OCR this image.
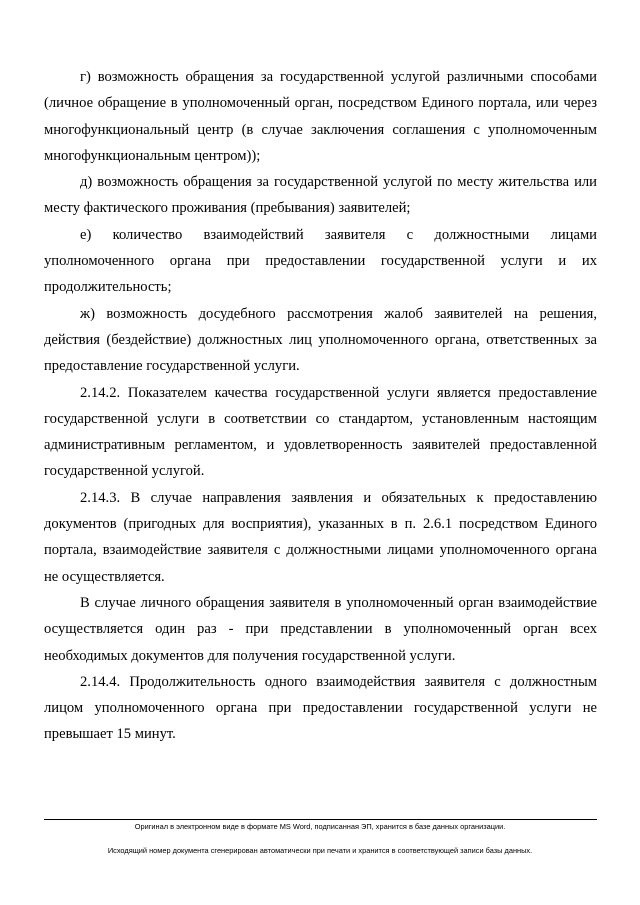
г) возможность обращения за государственной услугой различными способами (личное обращение в уполномоченный орган, посредством Единого портала, или через многофункциональный центр (в случае заключения соглашения с уполномоченным многофункциональным центром));

д) возможность обращения за государственной услугой по месту жительства или месту фактического проживания (пребывания) заявителей;

е) количество взаимодействий заявителя с должностными лицами уполномоченного органа при предоставлении государственной услуги и их продолжительность;

ж) возможность досудебного рассмотрения жалоб заявителей на решения, действия (бездействие) должностных лиц уполномоченного органа, ответственных за предоставление государственной услуги.

2.14.2. Показателем качества государственной услуги является предоставление государственной услуги в соответствии со стандартом, установленным настоящим административным регламентом, и удовлетворенность заявителей предоставленной государственной услугой.

2.14.3. В случае направления заявления и обязательных к предоставлению документов (пригодных для восприятия), указанных в п. 2.6.1 посредством Единого портала, взаимодействие заявителя с должностными лицами уполномоченного органа не осуществляется.

В случае личного обращения заявителя в уполномоченный орган взаимодействие осуществляется один раз - при представлении в уполномоченный орган всех необходимых документов для получения государственной услуги.

2.14.4. Продолжительность одного взаимодействия заявителя с должностным лицом уполномоченного органа при предоставлении государственной услуги не превышает 15 минут.

Оригинал в электронном виде в формате MS Word, подписанная ЭП, хранится в базе данных организации.
Исходящий номер документа сгенерирован автоматически при печати и хранится в соответствующей записи базы данных.
